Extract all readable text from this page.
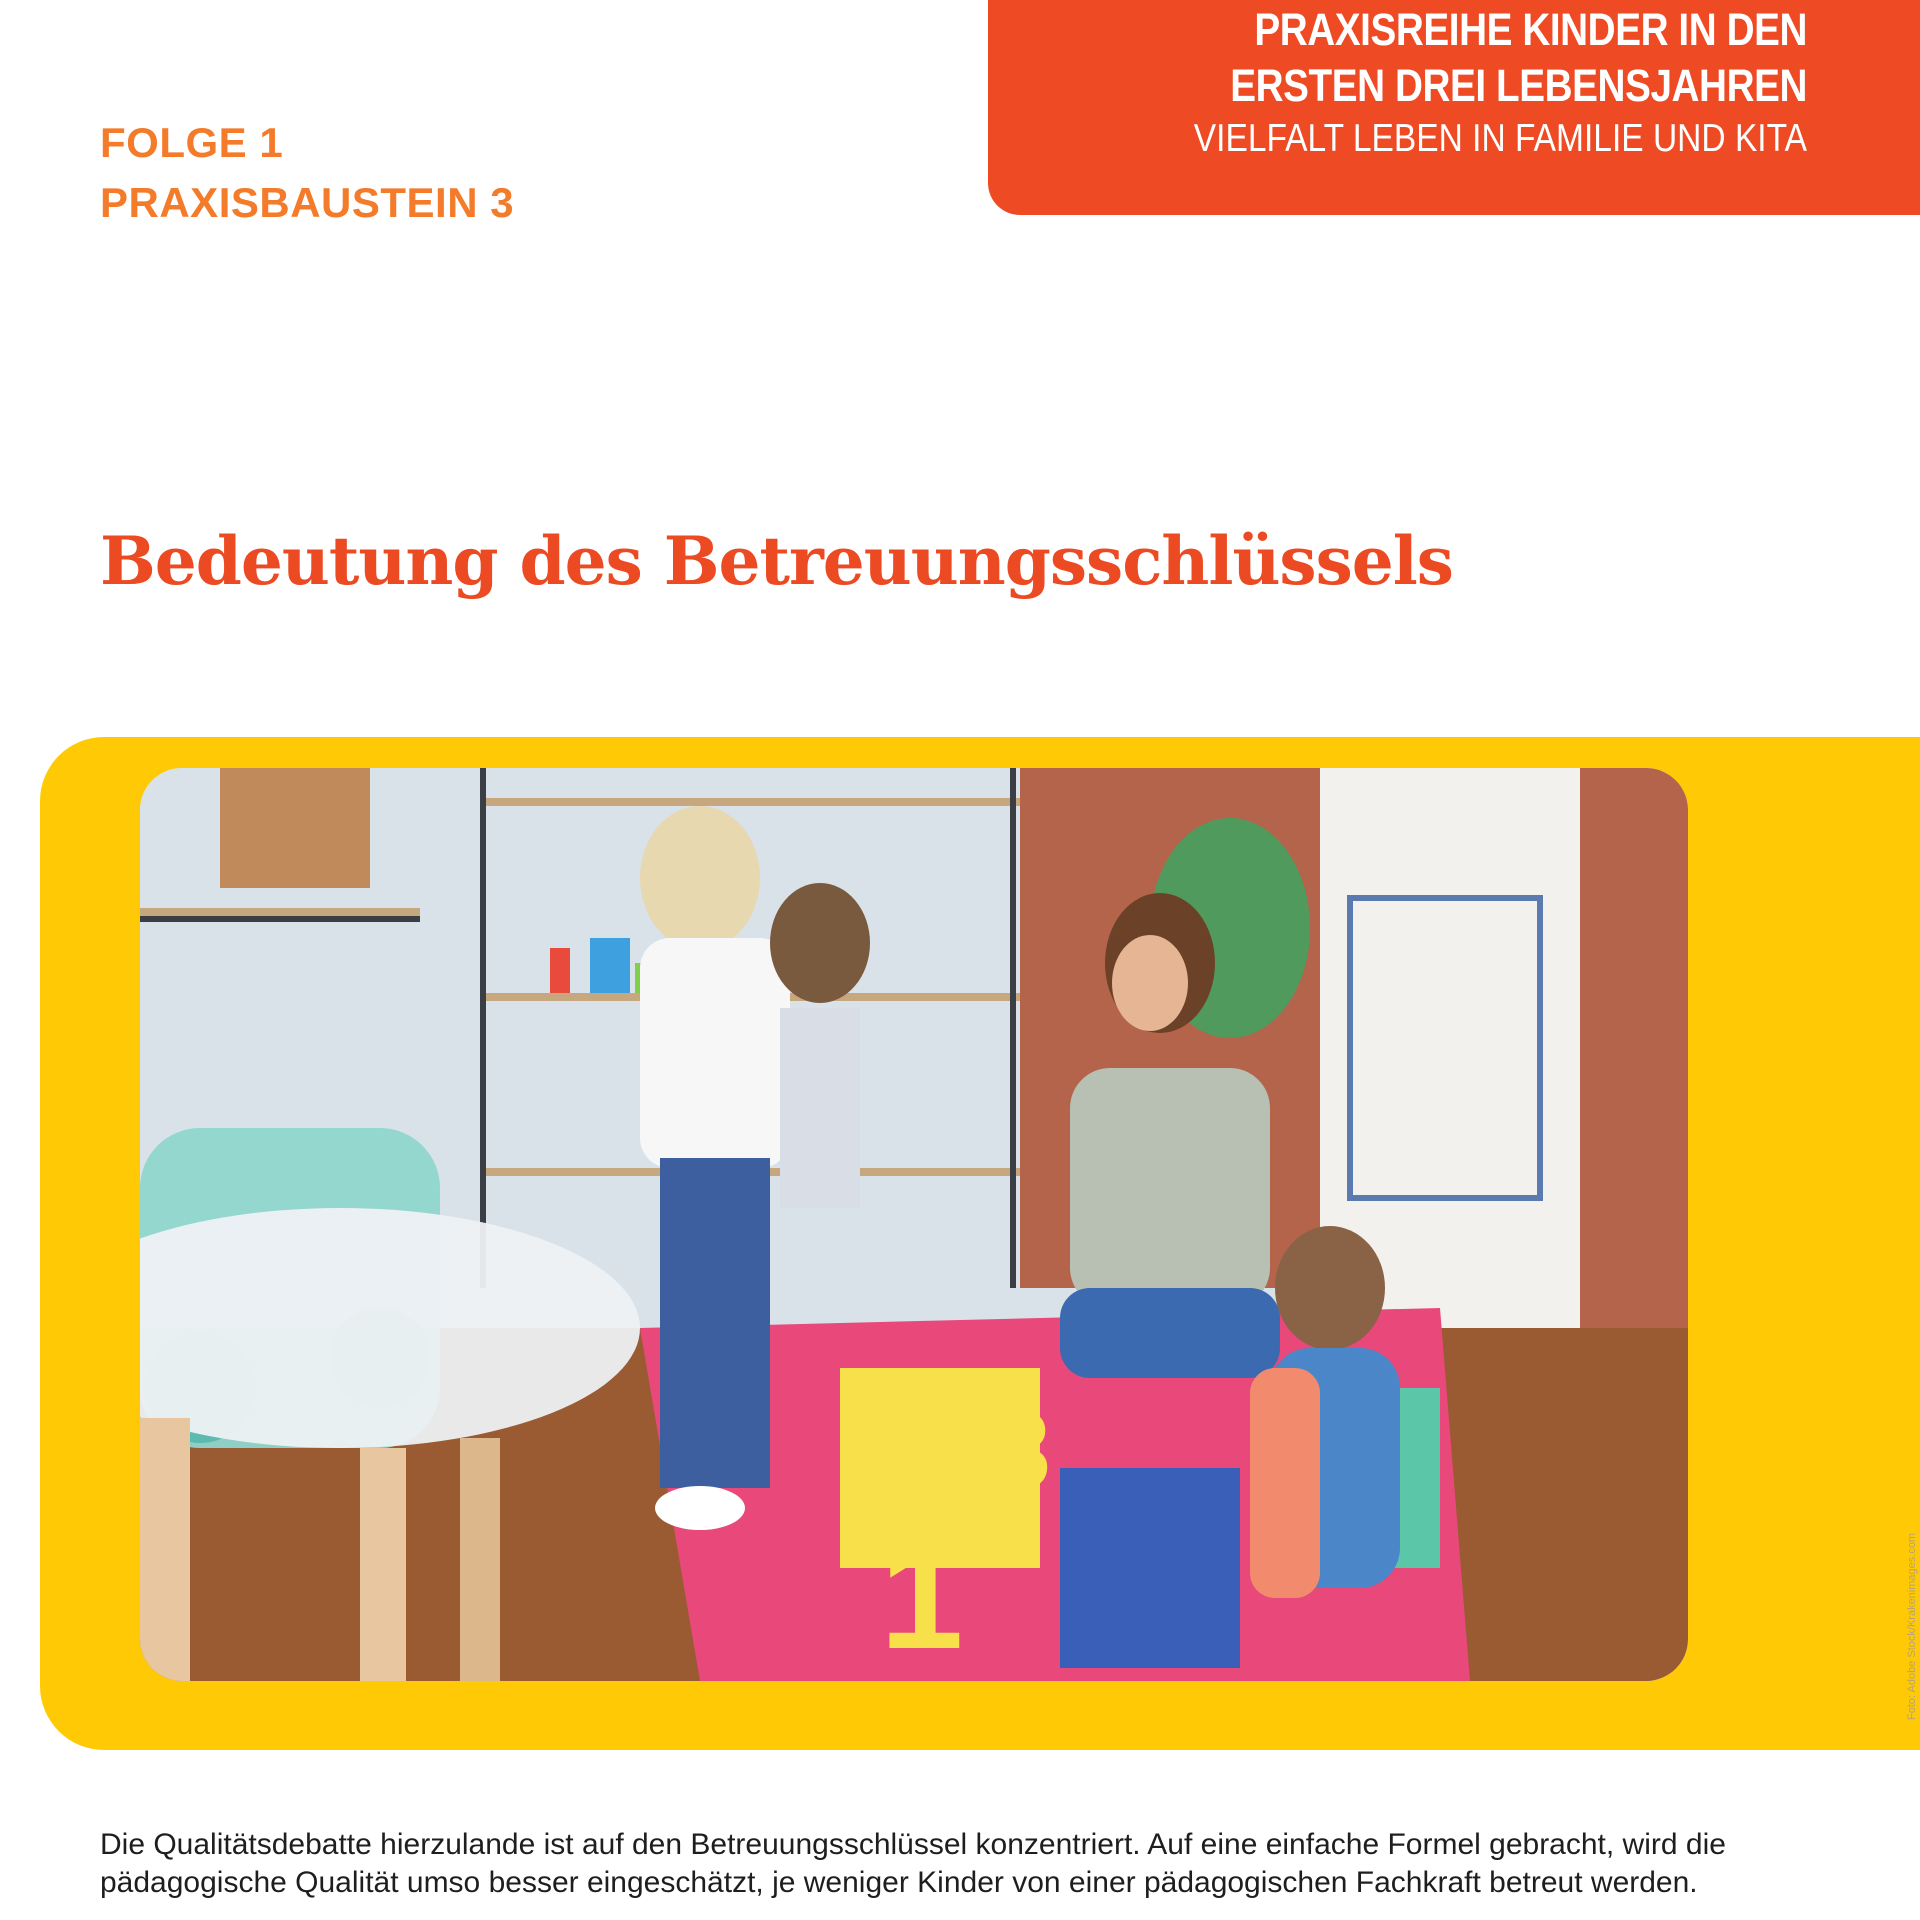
PRAXISREIHE KINDER IN DEN
ERSTEN DREI LEBENSJAHREN
VIELFALT LEBEN IN FAMILIE UND KITA
FOLGE 1
PRAXISBAUSTEIN 3
Bedeutung des Betreuungsschlüssels
1
3
Foto: Adobe Stock/Krakenimages.com

Die Qualitätsdebatte hierzulande ist auf den Betreuungsschlüssel konzentriert. Auf eine einfache Formel gebracht, wird die pädagogische Qualität umso besser eingeschätzt, je weniger Kinder von einer pädagogischen Fachkraft betreut werden.
